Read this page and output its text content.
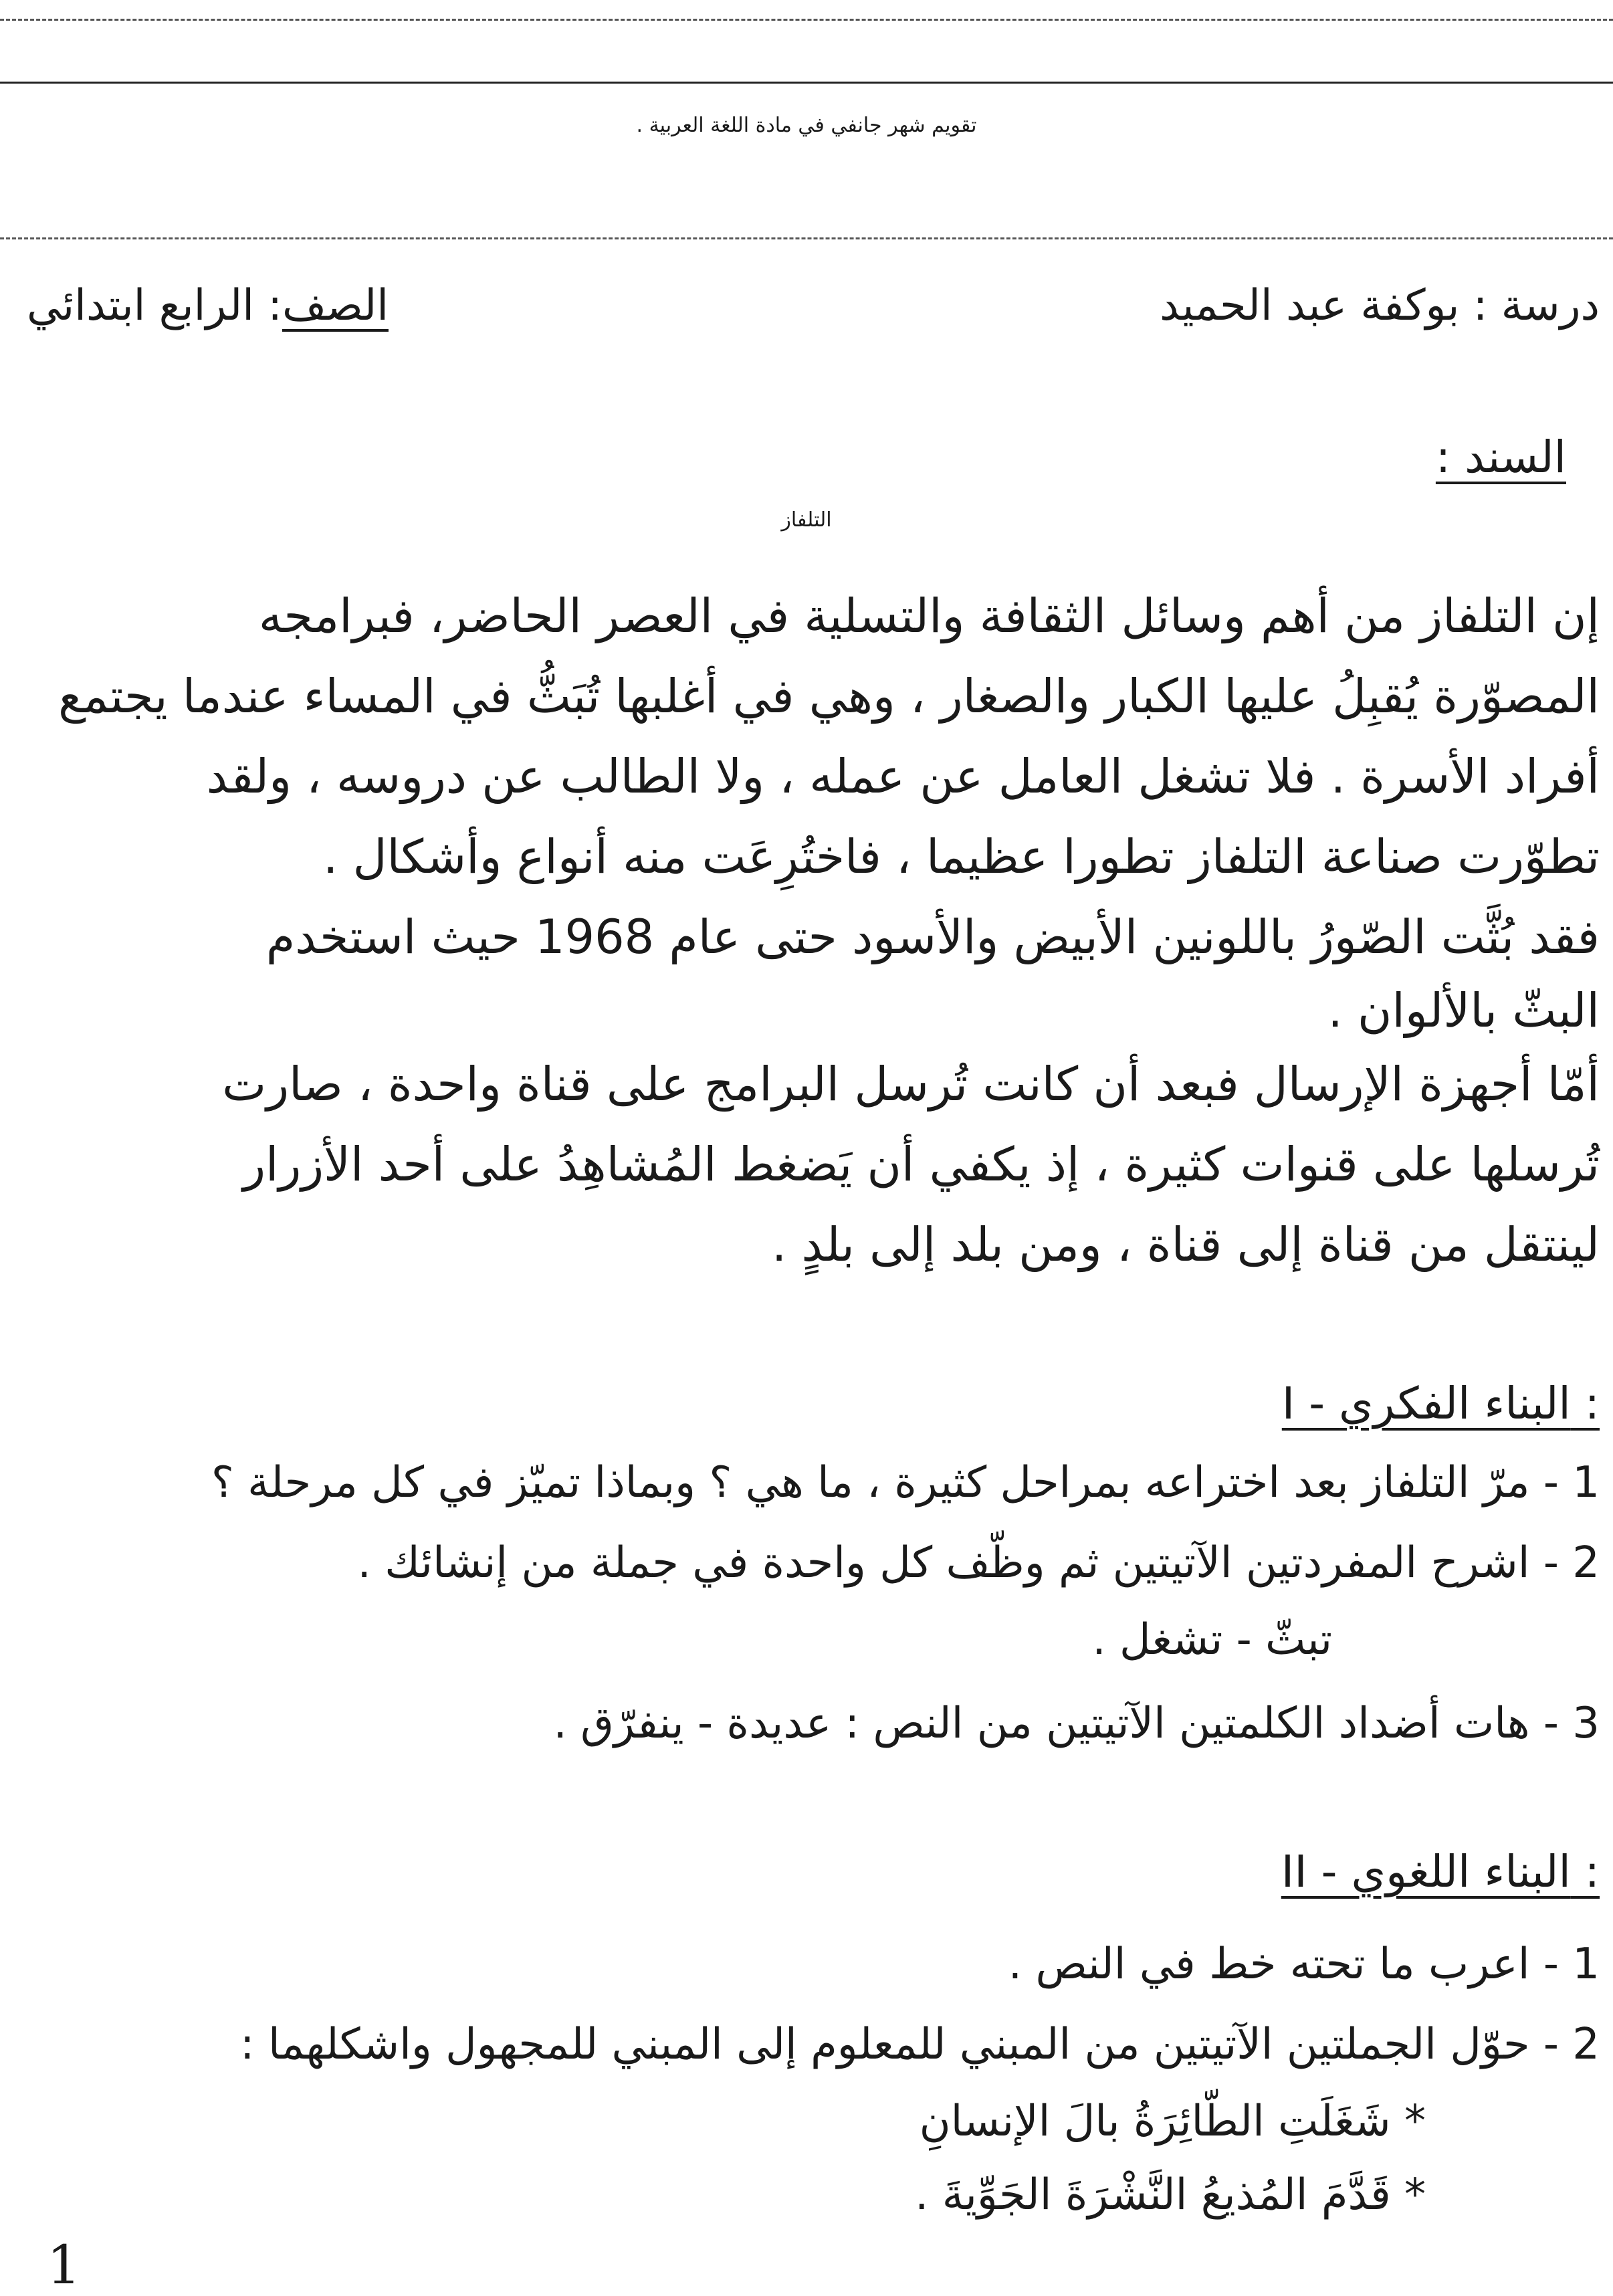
تقويم شهر جانفي في مادة اللغة العربية .
درسة : بوكفة عبد الحميد
الصف: الرابع ابتدائي
السند :
التلفاز
إن التلفاز من أهم وسائل الثقافة والتسلية في العصر الحاضر، فبرامجه
المصوّرة يُقبِلُ عليها الكبار والصغار ، وهي في أغلبها تُبَثُّ في المساء عندما يجتمع
أفراد الأسرة . فلا تشغل العامل عن عمله ، ولا الطالب عن دروسه ، ولقد
تطوّرت صناعة التلفاز تطورا عظيما ، فاختُرِعَت منه أنواع وأشكال .
فقد بُثَّت الصّورُ باللونين الأبيض والأسود حتى عام 1968 حيث استخدم
البثّ بالألوان .
أمّا أجهزة الإرسال فبعد أن كانت تُرسل البرامج على قناة واحدة ، صارت
تُرسلها على قنوات كثيرة ، إذ يكفي أن يَضغط المُشاهِدُ على أحد الأزرار
لينتقل من قناة إلى قناة ، ومن بلد إلى بلدٍ .
I - البناء الفكري :
1 - مرّ التلفاز بعد اختراعه بمراحل كثيرة ، ما هي ؟ وبماذا تميّز في كل مرحلة ؟
2 - اشرح المفردتين الآتيتين ثم وظّف كل واحدة في جملة من إنشائك .
تبثّ - تشغل .
3 - هات أضداد الكلمتين الآتيتين من النص : عديدة - ينفرّق .
II - البناء اللغوي :
1 - اعرب ما تحته خط في النص .
2 - حوّل الجملتين الآتيتين من المبني للمعلوم إلى المبني للمجهول واشكلهما :
* شَغَلَتِ الطّائِرَةُ بالَ الإنسانِ
* قَدَّمَ المُذيعُ النَّشْرَةَ الجَوِّيةَ .
1
